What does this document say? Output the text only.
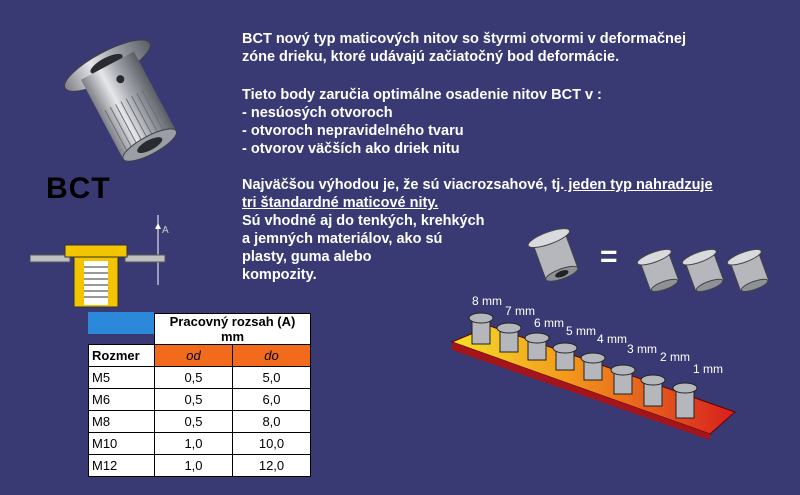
BCT nový typ maticových nitov so štyrmi otvormi v deformačnej
zóne drieku, ktoré udávajú začiatočný bod deformácie.
Tieto body zaručia optimálne osadenie nitov BCT v :
- nesúosých otvoroch
- otvoroch nepravidelného tvaru
- otvorov väčších ako driek nitu
Najväčšou výhodou je, že sú viacrozsahové, tj. jeden typ nahradzuje
tri štandardné maticové nity.
Sú vhodné aj do tenkých, krehkých
a jemných materiálov, ako sú
plasty, guma alebo
kompozity.
BCT
A
	Pracovný rozsah (A) mm	
Rozmer	od	do
M5	0,5	5,0
M6	0,5	6,0
M8	0,5	8,0
M10	1,0	10,0
M12	1,0	12,0
=
8 mm
7 mm
6 mm
5 mm
4 mm
3 mm
2 mm
1 mm
